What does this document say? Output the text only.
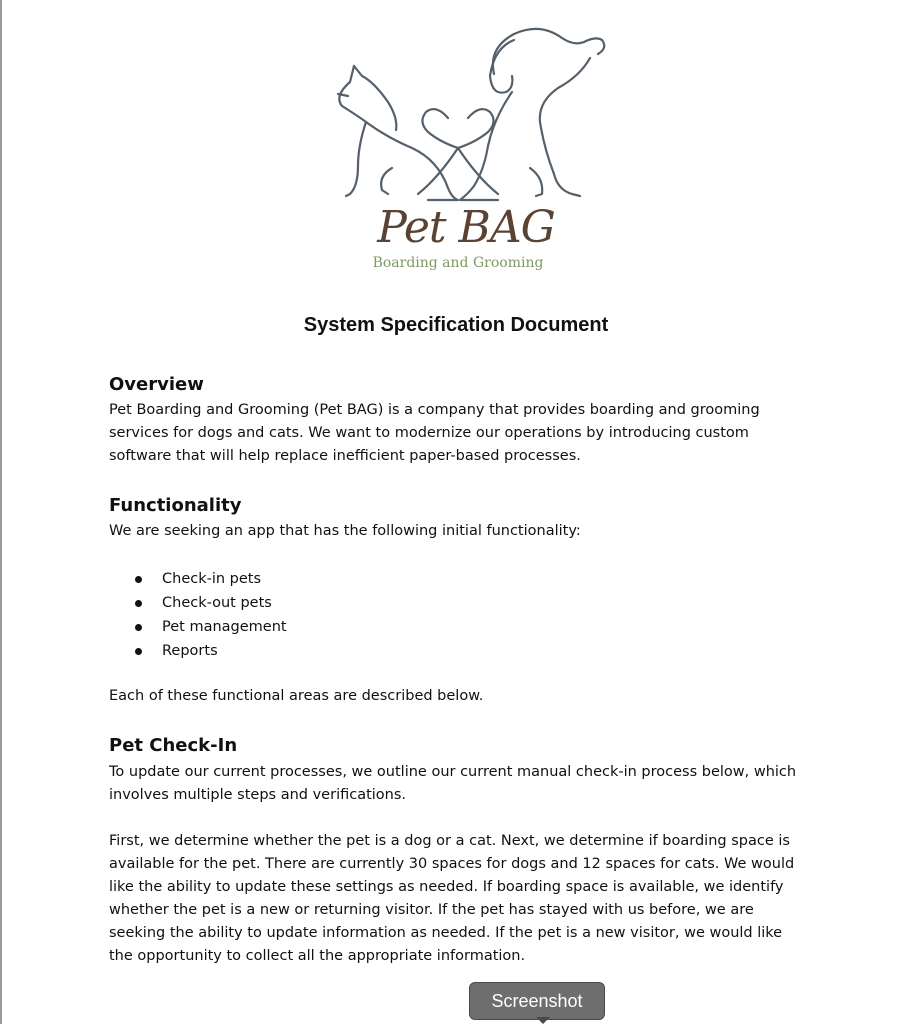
Pet BAG
Boarding and Grooming
System Specification Document
Overview
Pet Boarding and Grooming (Pet BAG) is a company that provides boarding and grooming services for dogs and cats. We want to modernize our operations by introducing custom software that will help replace inefficient paper-based processes.
Functionality
We are seeking an app that has the following initial functionality:
Check-in pets
Check-out pets
Pet management
Reports
Each of these functional areas are described below.
Pet Check-In
To update our current processes, we outline our current manual check-in process below, which involves multiple steps and verifications.
First, we determine whether the pet is a dog or a cat. Next, we determine if boarding space is available for the pet. There are currently 30 spaces for dogs and 12 spaces for cats. We would like the ability to update these settings as needed. If boarding space is available, we identify whether the pet is a new or returning visitor. If the pet has stayed with us before, we are seeking the ability to update information as needed. If the pet is a new visitor, we would like the opportunity to collect all the appropriate information.
Screenshot
